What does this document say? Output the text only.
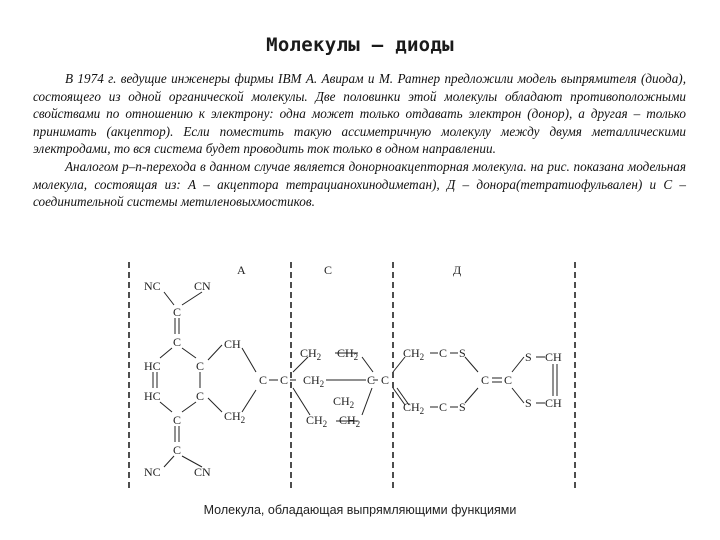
Молекулы – диоды

В 1974 г. ведущие инженеры фирмы IBM А. Авирам и М. Ратнер предложили модель выпрямителя (диода), состоящего из одной органической молекулы. Две половинки этой молекулы обладают противоположными свойствами по отношению к электрону: одна может только отдавать электрон (донор), а другая – только принимать (акцептор). Если поместить такую ассиметричную молекулу между двумя металлическими электродами, то вся система будет проводить ток только в одном направлении.

Аналогом p–n-перехода в данном случае является донорноакцепторная молекула. на рис. показана модельная молекула, состоящая из: А – акцептора тетрацианохинодиметан), Д – донора(тетратиофульвален) и С – соединительной системы метиленовыхмостиков.

А	С	Д
NC	CN
C
C	CH
HC	C
HC	C
C C $CH_2$
$CH_2$
C
C
NC	CN
$CH_2$ $CH_2$
$CH_2$
$CH_2$ $CH_2$
C C
$CH_2$ C S
$CH_2$ C S
C C
S CH
S CH
Молекула, обладающая выпрямляющими функциями
